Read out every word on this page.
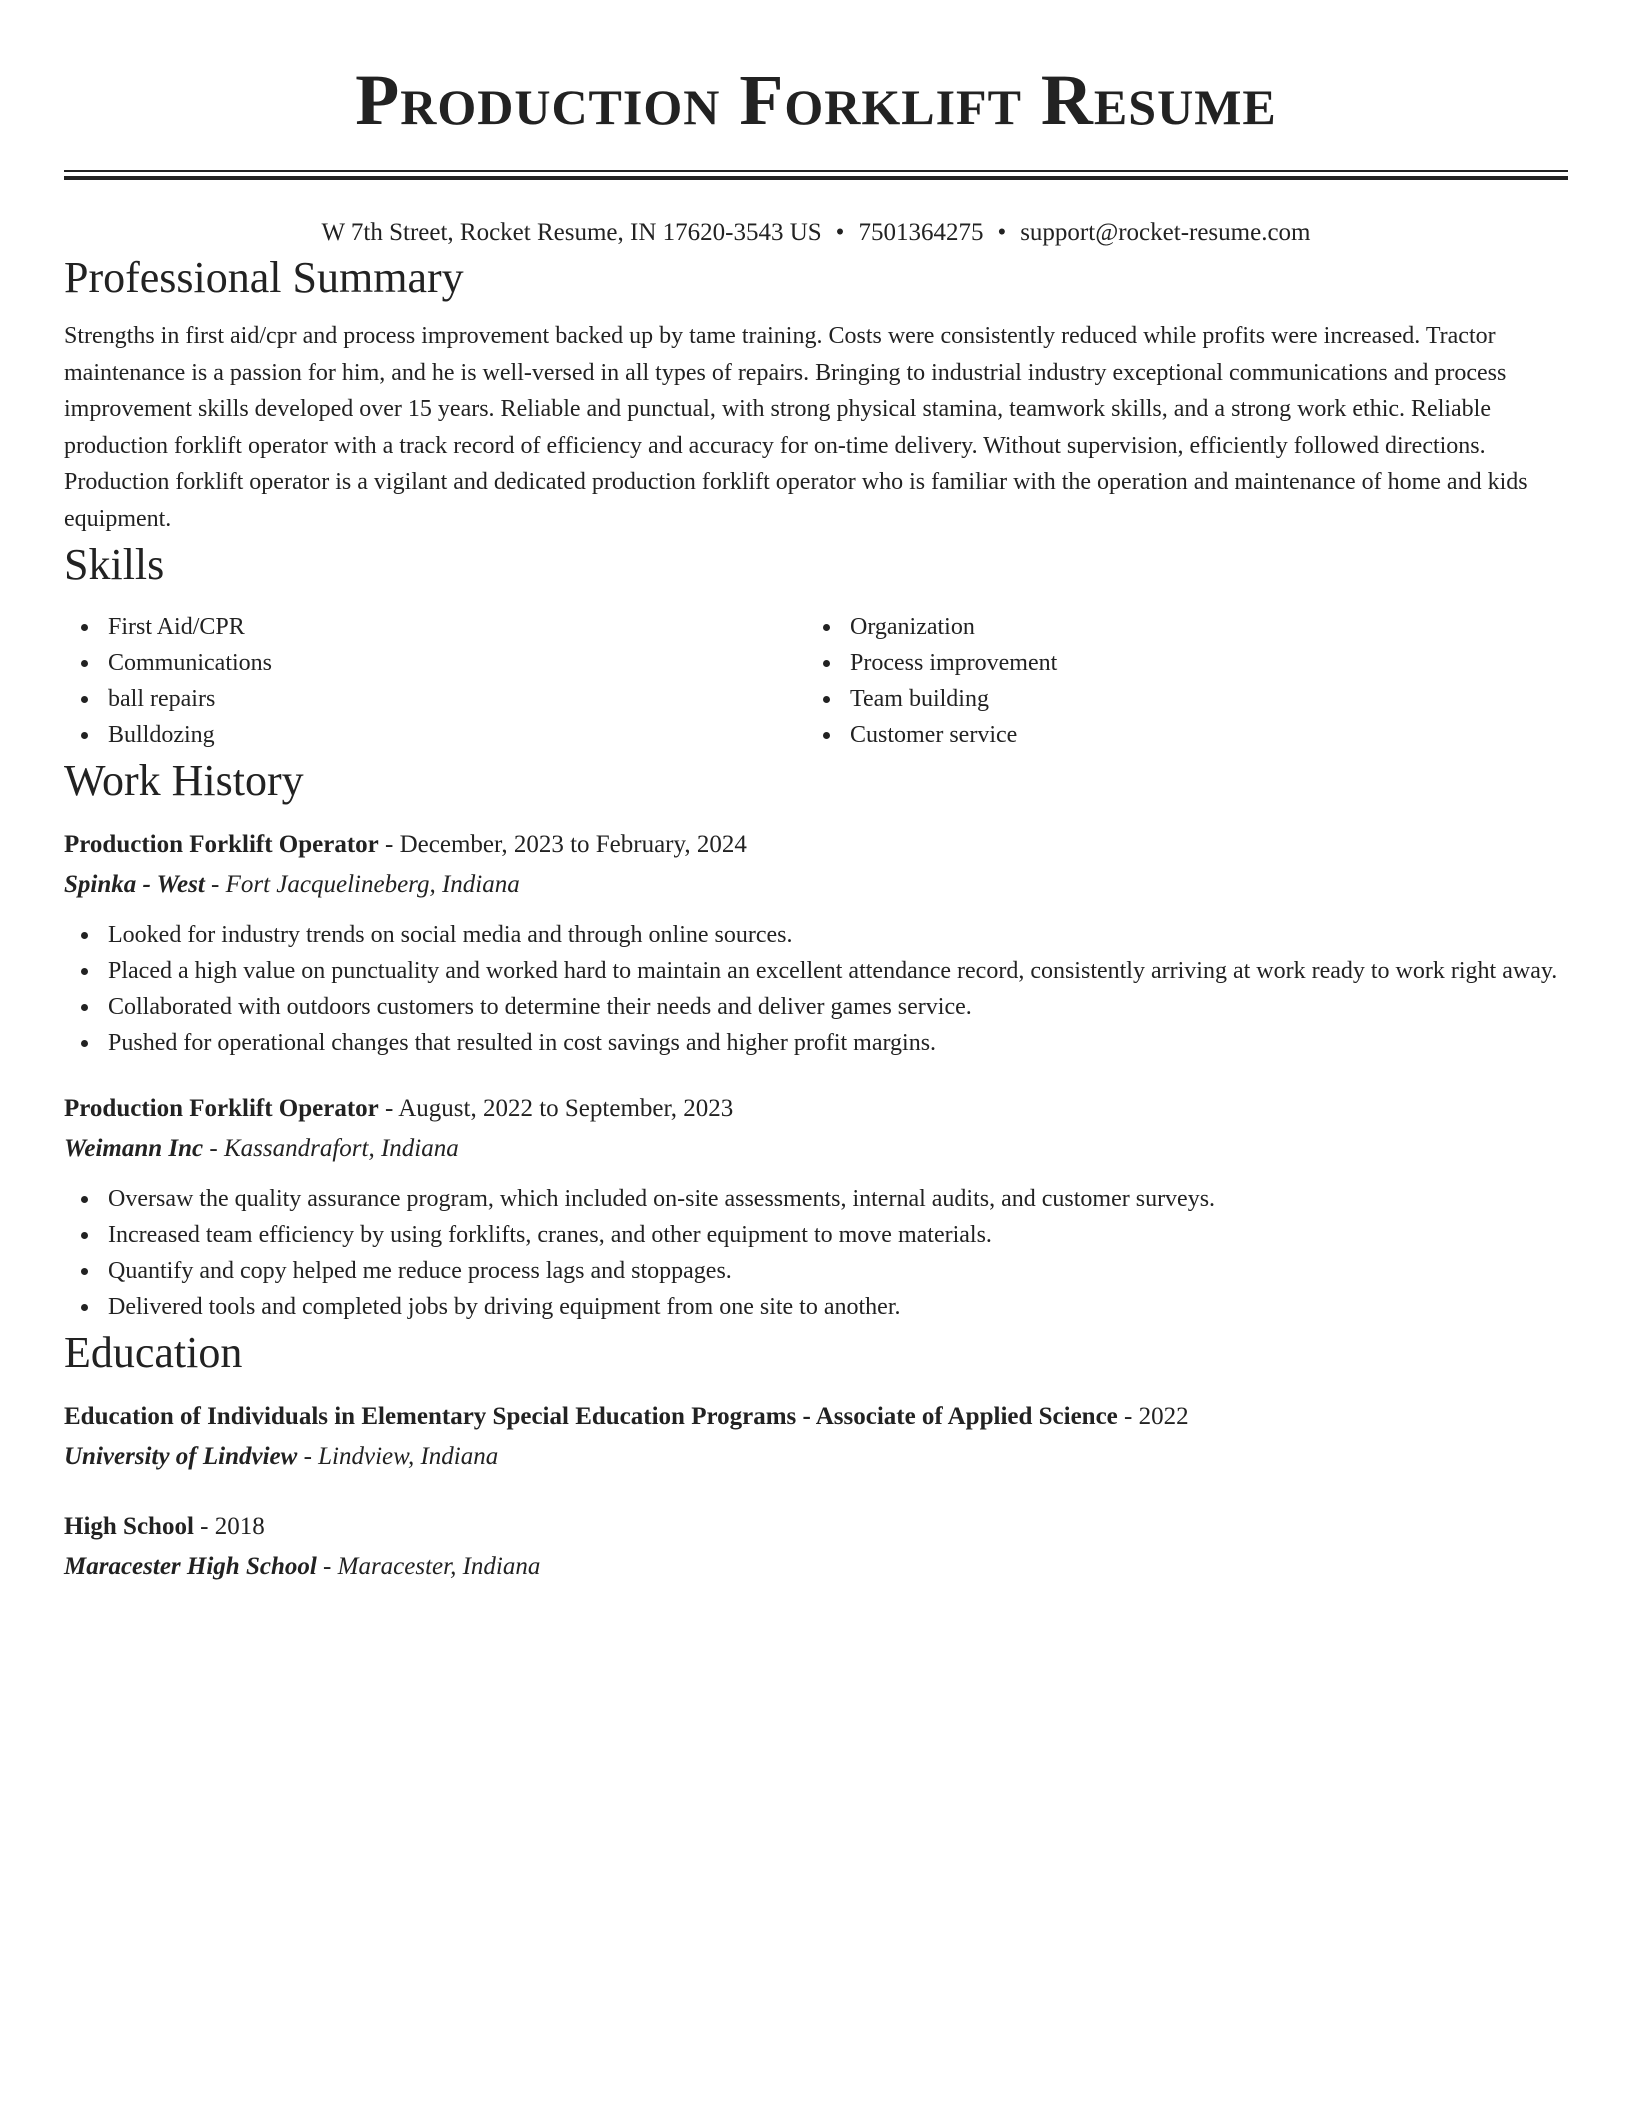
Production Forklift Resume
W 7th Street, Rocket Resume, IN 17620-3543 US • 7501364275 • support@rocket-resume.com
Professional Summary

Strengths in first aid/cpr and process improvement backed up by tame training. Costs were consistently reduced while profits were increased. Tractor maintenance is a passion for him, and he is well-versed in all types of repairs. Bringing to industrial industry exceptional communications and process improvement skills developed over 15 years. Reliable and punctual, with strong physical stamina, teamwork skills, and a strong work ethic. Reliable production forklift operator with a track record of efficiency and accuracy for on-time delivery. Without supervision, efficiently followed directions. Production forklift operator is a vigilant and dedicated production forklift operator who is familiar with the operation and maintenance of home and kids equipment.

Skills
First Aid/CPR
Communications
ball repairs
Bulldozing
Organization
Process improvement
Team building
Customer service
Work History
Production Forklift Operator - December, 2023 to February, 2024
Spinka - West - Fort Jacquelineberg, Indiana
Looked for industry trends on social media and through online sources.
Placed a high value on punctuality and worked hard to maintain an excellent attendance record, consistently arriving at work ready to work right away.
Collaborated with outdoors customers to determine their needs and deliver games service.
Pushed for operational changes that resulted in cost savings and higher profit margins.
Production Forklift Operator - August, 2022 to September, 2023
Weimann Inc - Kassandrafort, Indiana
Oversaw the quality assurance program, which included on-site assessments, internal audits, and customer surveys.
Increased team efficiency by using forklifts, cranes, and other equipment to move materials.
Quantify and copy helped me reduce process lags and stoppages.
Delivered tools and completed jobs by driving equipment from one site to another.
Education
Education of Individuals in Elementary Special Education Programs - Associate of Applied Science - 2022
University of Lindview - Lindview, Indiana
High School - 2018
Maracester High School - Maracester, Indiana
